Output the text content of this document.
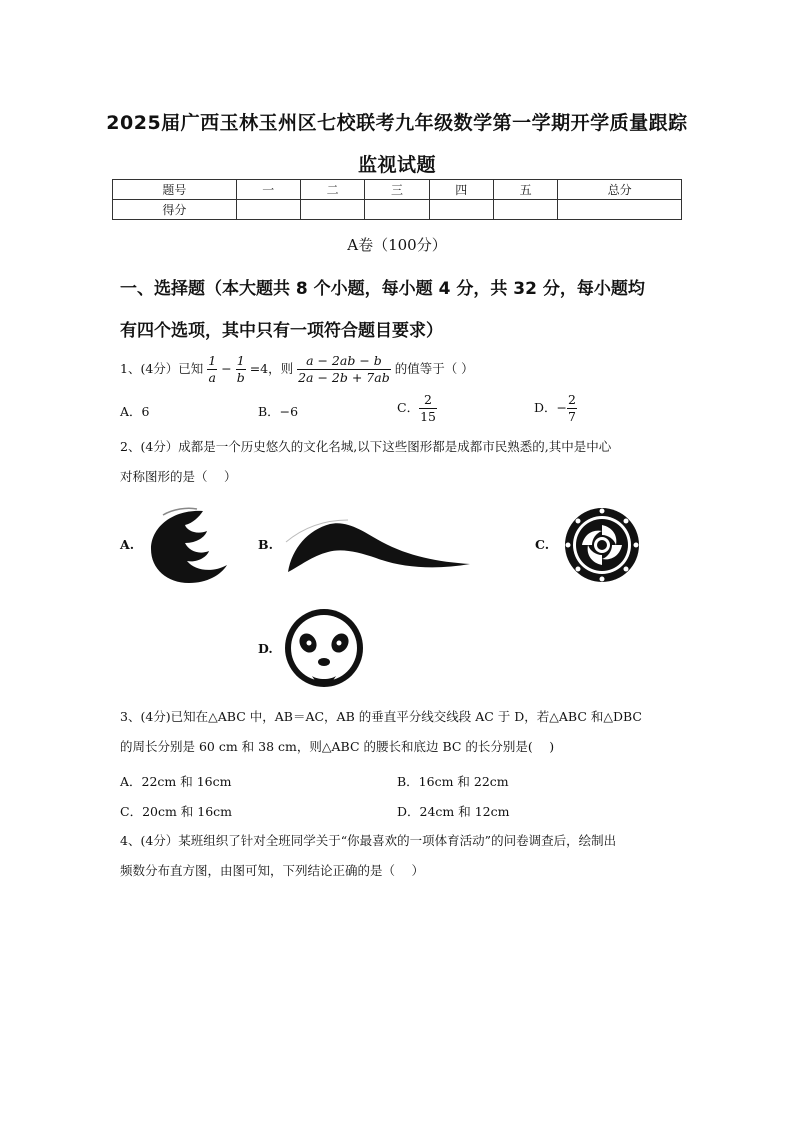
2025届广西玉林玉州区七校联考九年级数学第一学期开学质量跟踪
监视试题
题号	一	二	三	四	五	总分
得分						
A卷（100分）
一、选择题（本大题共 8 个小题，每小题 4 分，共 32 分，每小题均
有四个选项，其中只有一项符合题目要求）
1、(4分）已知 $\frac{1}{a} - \frac{1}{b} =4$，则 $\frac{a - 2ab - b}{2a - 2b + 7ab}$ 的值等于（ ）
A．6	B．−6	C． $\frac{2}{15}$	D．− $\frac{2}{7}$
2、(4分）成都是一个历史悠久的文化名城,以下这些图形都是成都市民熟悉的,其中是中心
对称图形的是（　 ）
A.	B.	C.
D.
3、(4分)已知在△ABC 中，AB＝AC，AB 的垂直平分线交线段 AC 于 D，若△ABC 和△DBC
的周长分别是 60 cm 和 38 cm，则△ABC 的腰长和底边 BC 的长分别是(　 )
A．22cm 和 16cm	B．16cm 和 22cm
C．20cm 和 16cm	D．24cm 和 12cm
4、(4分）某班组织了针对全班同学关于“你最喜欢的一项体育活动”的问卷调查后，绘制出
频数分布直方图，由图可知，下列结论正确的是（　 ）
